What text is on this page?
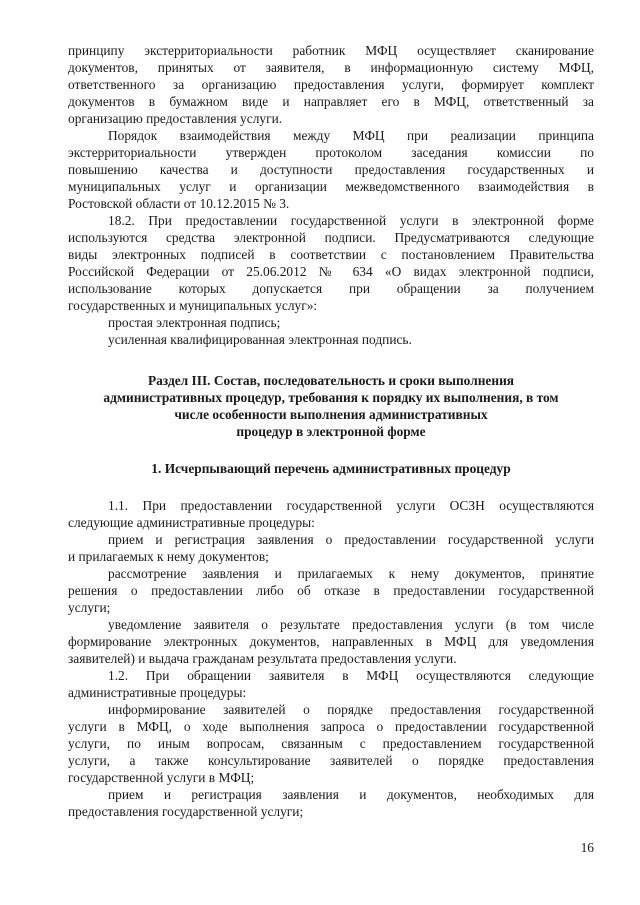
принципу экстерриториальности работник МФЦ осуществляет сканирование

документов, принятых от заявителя, в информационную систему МФЦ,

ответственного за организацию предоставления услуги, формирует комплект

документов в бумажном виде и направляет его в МФЦ, ответственный за

организацию предоставления услуги.

Порядок взаимодействия между МФЦ при реализации принципа

экстерриториальности утвержден протоколом заседания комиссии по

повышению качества и доступности предоставления государственных и

муниципальных услуг и организации межведомственного взаимодействия в

Ростовской области от 10.12.2015 № 3.

18.2. При предоставлении государственной услуги в электронной форме

используются средства электронной подписи. Предусматриваются следующие

виды электронных подписей в соответствии с постановлением Правительства

Российской Федерации от 25.06.2012 № 634 «О видах электронной подписи,

использование которых допускается при обращении за получением

государственных и муниципальных услуг»:

простая электронная подпись;

усиленная квалифицированная электронная подпись.

Раздел III. Состав, последовательность и сроки выполнения

административных процедур, требования к порядку их выполнения, в том

числе особенности выполнения административных

процедур в электронной форме

1. Исчерпывающий перечень административных процедур

1.1. При предоставлении государственной услуги ОСЗН осуществляются

следующие административные процедуры:

прием и регистрация заявления о предоставлении государственной услуги

и прилагаемых к нему документов;

рассмотрение заявления и прилагаемых к нему документов, принятие

решения о предоставлении либо об отказе в предоставлении государственной

услуги;

уведомление заявителя о результате предоставления услуги (в том числе

формирование электронных документов, направленных в МФЦ для уведомления

заявителей) и выдача гражданам результата предоставления услуги.

1.2. При обращении заявителя в МФЦ осуществляются следующие

административные процедуры:

информирование заявителей о порядке предоставления государственной

услуги в МФЦ, о ходе выполнения запроса о предоставлении государственной

услуги, по иным вопросам, связанным с предоставлением государственной

услуги, а также консультирование заявителей о порядке предоставления

государственной услуги в МФЦ;

прием и регистрация заявления и документов, необходимых для

предоставления государственной услуги;

16
